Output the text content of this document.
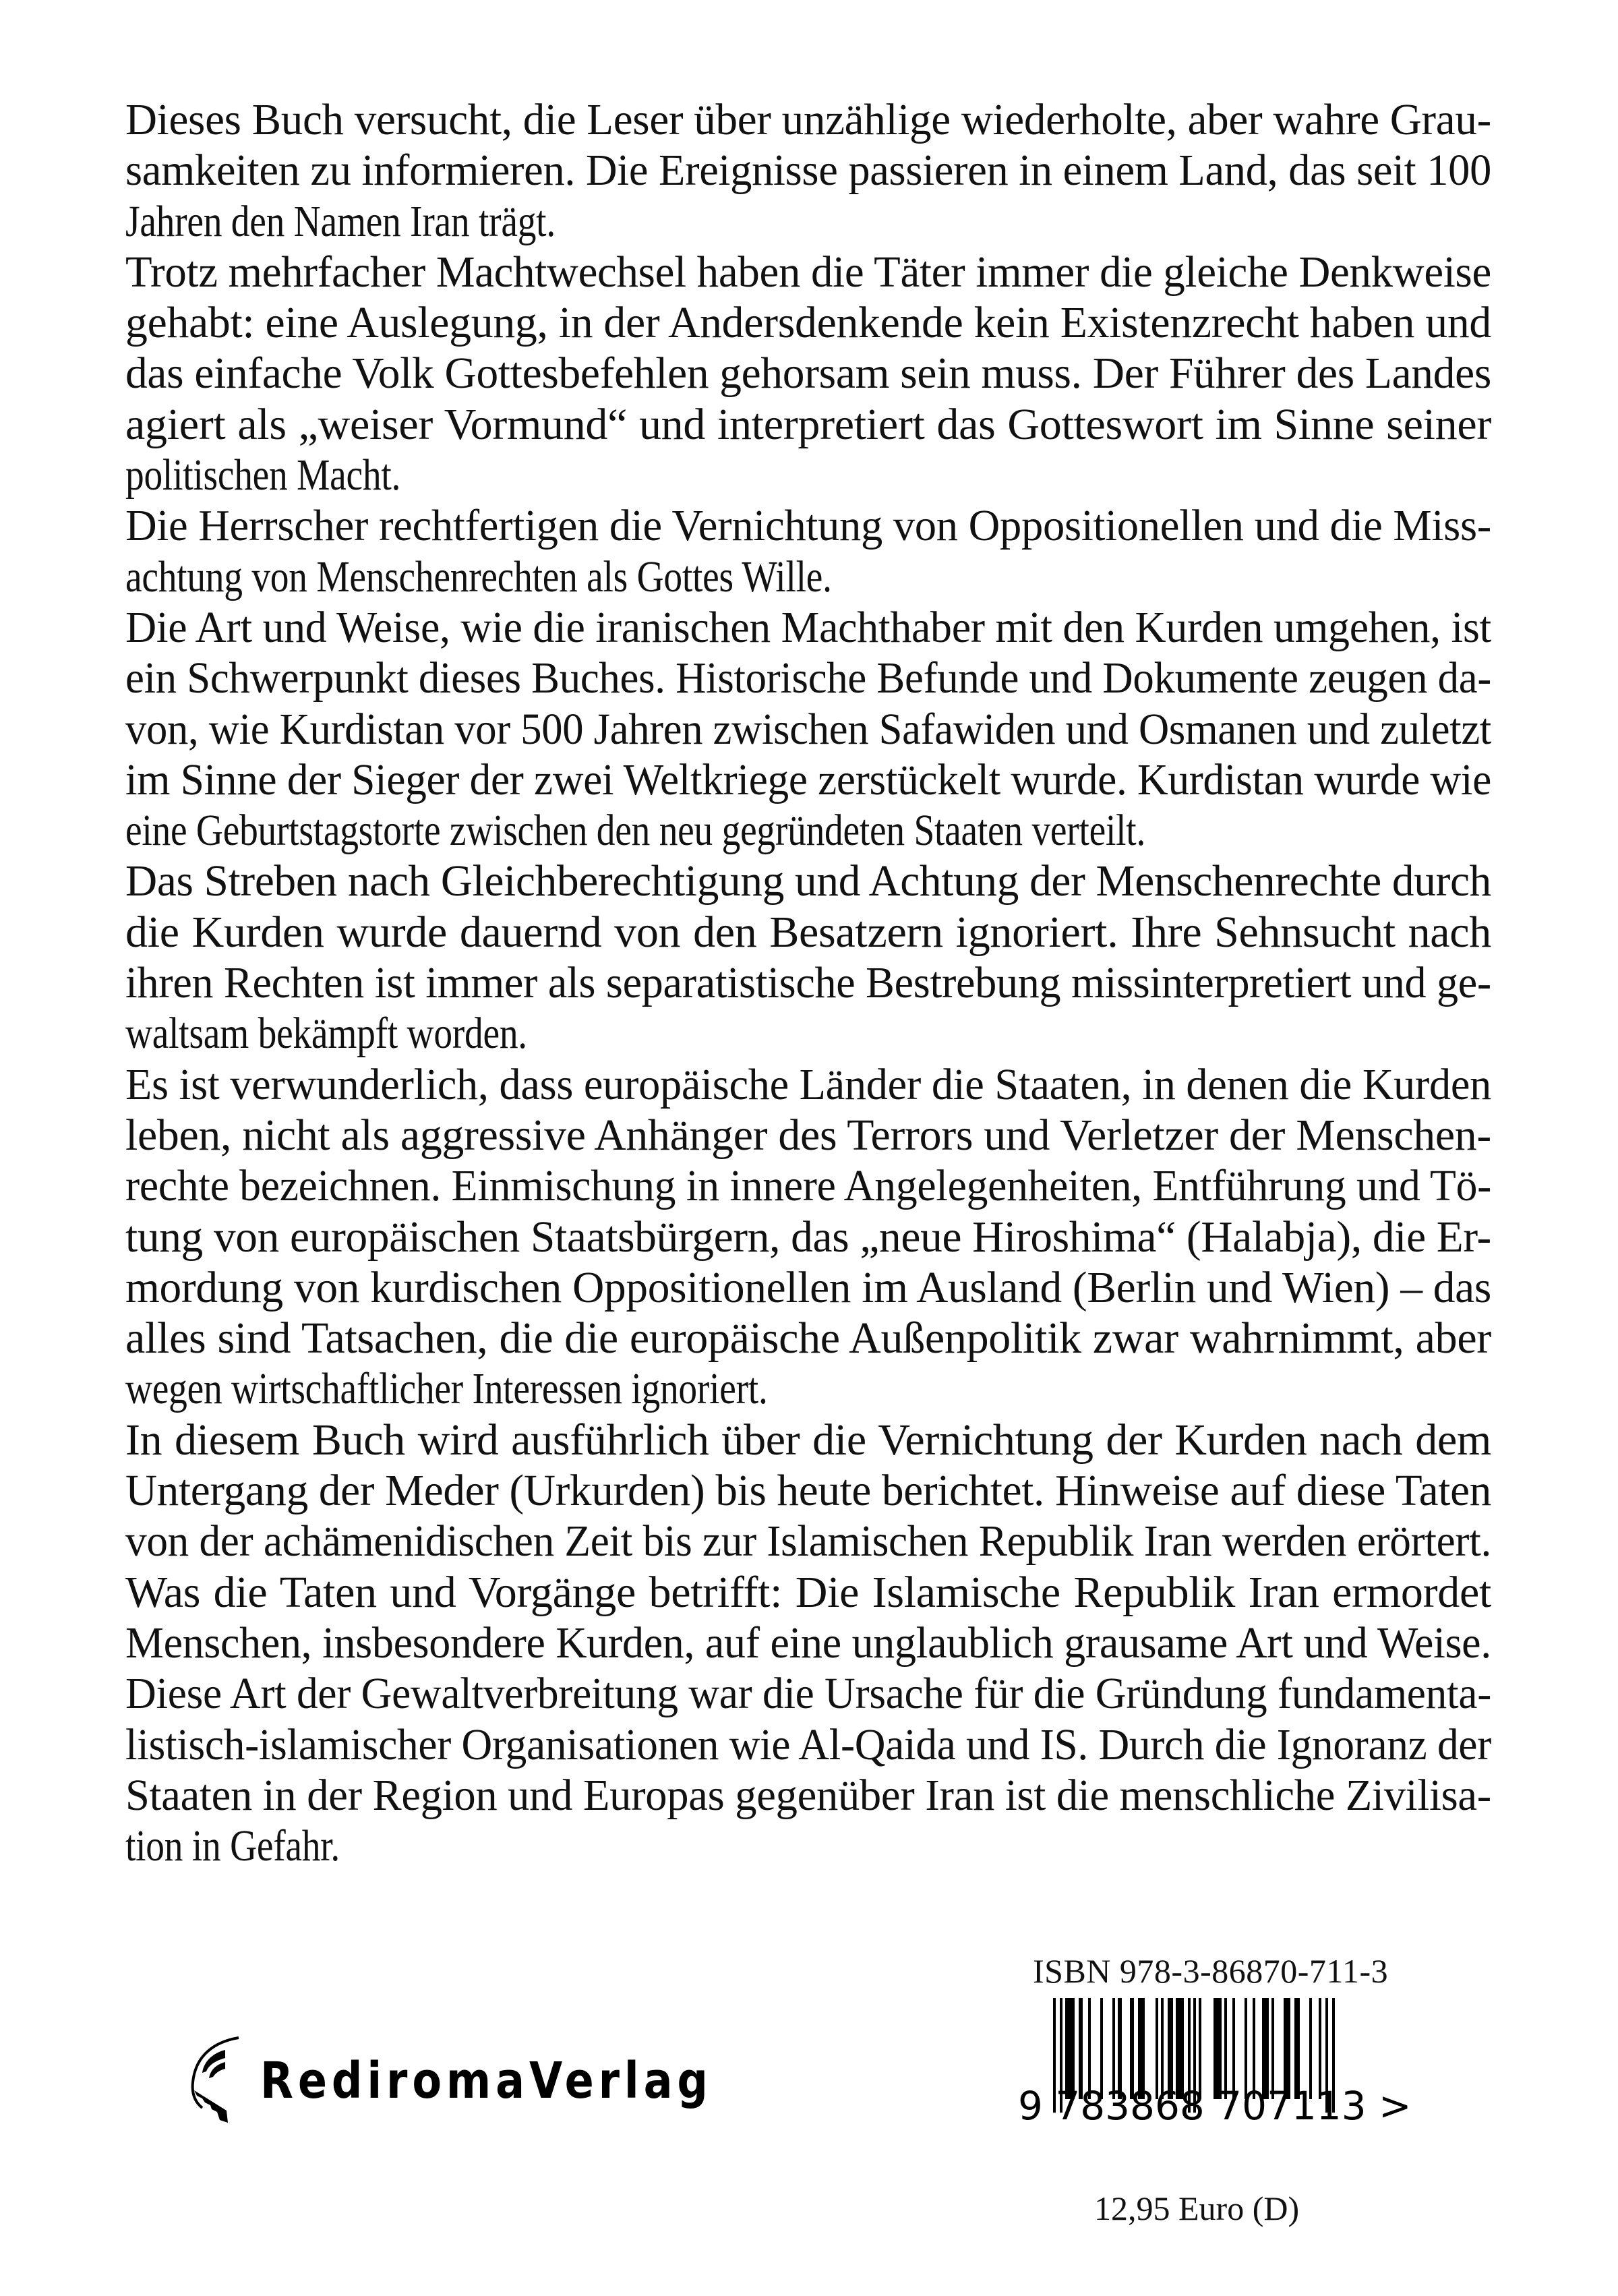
Dieses Buch versucht, die Leser über unzählige wiederholte, aber wahre Grau-
samkeiten zu informieren. Die Ereignisse passieren in einem Land, das seit 100
Jahren den Namen Iran trägt.
Trotz mehrfacher Machtwechsel haben die Täter immer die gleiche Denkweise
gehabt: eine Auslegung, in der Andersdenkende kein Existenzrecht haben und
das einfache Volk Gottesbefehlen gehorsam sein muss. Der Führer des Landes
agiert als „weiser Vormund“ und interpretiert das Gotteswort im Sinne seiner
politischen Macht.
Die Herrscher rechtfertigen die Vernichtung von Oppositionellen und die Miss-
achtung von Menschenrechten als Gottes Wille.
Die Art und Weise, wie die iranischen Machthaber mit den Kurden umgehen, ist
ein Schwerpunkt dieses Buches. Historische Befunde und Dokumente zeugen da-
von, wie Kurdistan vor 500 Jahren zwischen Safawiden und Osmanen und zuletzt
im Sinne der Sieger der zwei Weltkriege zerstückelt wurde. Kurdistan wurde wie
eine Geburtstagstorte zwischen den neu gegründeten Staaten verteilt.
Das Streben nach Gleichberechtigung und Achtung der Menschenrechte durch
die Kurden wurde dauernd von den Besatzern ignoriert. Ihre Sehnsucht nach
ihren Rechten ist immer als separatistische Bestrebung missinterpretiert und ge-
waltsam bekämpft worden.
Es ist verwunderlich, dass europäische Länder die Staaten, in denen die Kurden
leben, nicht als aggressive Anhänger des Terrors und Verletzer der Menschen-
rechte bezeichnen. Einmischung in innere Angelegenheiten, Entführung und Tö-
tung von europäischen Staatsbürgern, das „neue Hiroshima“ (Halabja), die Er-
mordung von kurdischen Oppositionellen im Ausland (Berlin und Wien) – das
alles sind Tatsachen, die die europäische Außenpolitik zwar wahrnimmt, aber
wegen wirtschaftlicher Interessen ignoriert.
In diesem Buch wird ausführlich über die Vernichtung der Kurden nach dem
Untergang der Meder (Urkurden) bis heute berichtet. Hinweise auf diese Taten
von der achämenidischen Zeit bis zur Islamischen Republik Iran werden erörtert.
Was die Taten und Vorgänge betrifft: Die Islamische Republik Iran ermordet
Menschen, insbesondere Kurden, auf eine unglaublich grausame Art und Weise.
Diese Art der Gewaltverbreitung war die Ursache für die Gründung fundamenta-
listisch-islamischer Organisationen wie Al-Qaida und IS. Durch die Ignoranz der
Staaten in der Region und Europas gegenüber Iran ist die menschliche Zivilisa-
tion in Gefahr.
RediromaVerlag
ISBN 978-3-86870-711-3
9 783868 707113 >
12,95 Euro (D)
